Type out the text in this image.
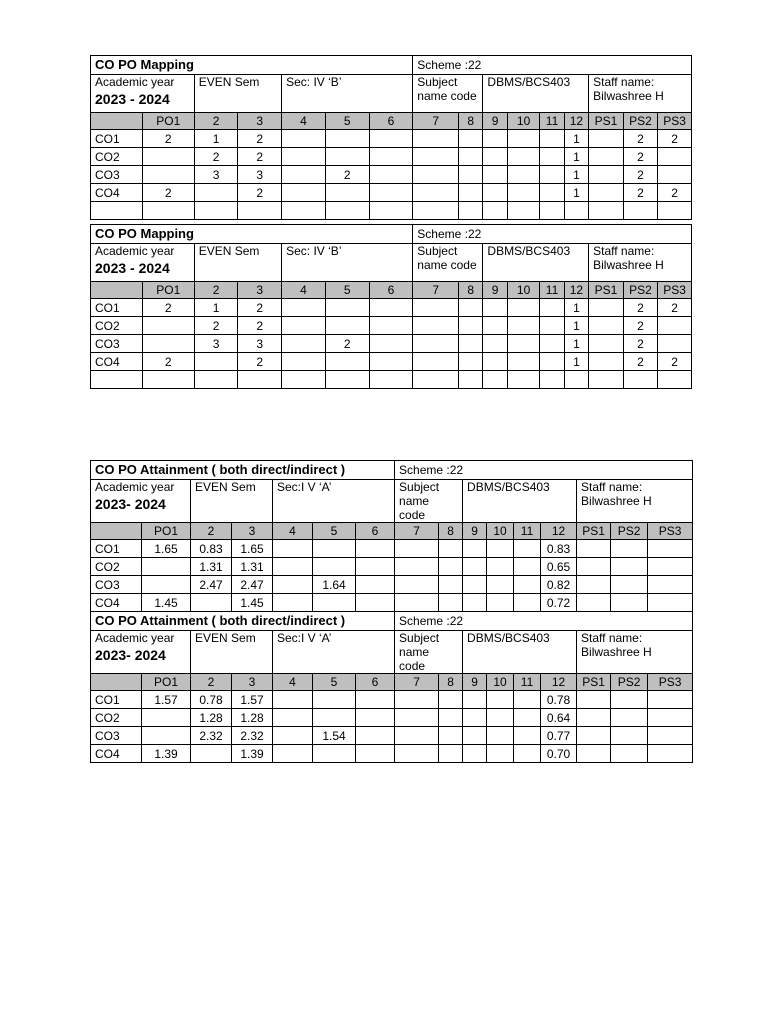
CO PO Mapping							Scheme :22								
Academic year
2023 - 2024		EVEN Sem		Sec: IV ‘B’			Subject name code		DBMS/BCS403				Staff name:
Bilwashree H		
	PO1	2	3	4	5	6	7	8	9	10	11	12	PS1	PS2	PS3
CO1	2	1	2									1		2	2
CO2		2	2									1		2	
CO3		3	3		2							1		2	
CO4	2		2									1		2	2

CO PO Mapping							Scheme :22								
Academic year
2023 - 2024		EVEN Sem		Sec: IV ‘B’			Subject name code		DBMS/BCS403				Staff name:
Bilwashree H		
	PO1	2	3	4	5	6	7	8	9	10	11	12	PS1	PS2	PS3
CO1	2	1	2									1		2	2
CO2		2	2									1		2	
CO3		3	3		2							1		2	
CO4	2		2									1		2	2

CO PO Attainment ( both direct/indirect )							Scheme :22								
Academic year
2023- 2024		EVEN Sem		Sec:I V ‘A’			Subject name code		DBMS/BCS403				Staff name:
Bilwashree H		
	PO1	2	3	4	5	6	7	8	9	10	11	12	PS1	PS2	PS3
CO1	1.65	0.83	1.65									0.83			
CO2		1.31	1.31									0.65			
CO3		2.47	2.47		1.64							0.82			
CO4	1.45		1.45									0.72			
CO PO Attainment ( both direct/indirect )							Scheme :22								
Academic year
2023- 2024		EVEN Sem		Sec:I V ‘A’			Subject name code		DBMS/BCS403				Staff name:
Bilwashree H		
	PO1	2	3	4	5	6	7	8	9	10	11	12	PS1	PS2	PS3
CO1	1.57	0.78	1.57									0.78			
CO2		1.28	1.28									0.64			
CO3		2.32	2.32		1.54							0.77			
CO4	1.39		1.39									0.70			
